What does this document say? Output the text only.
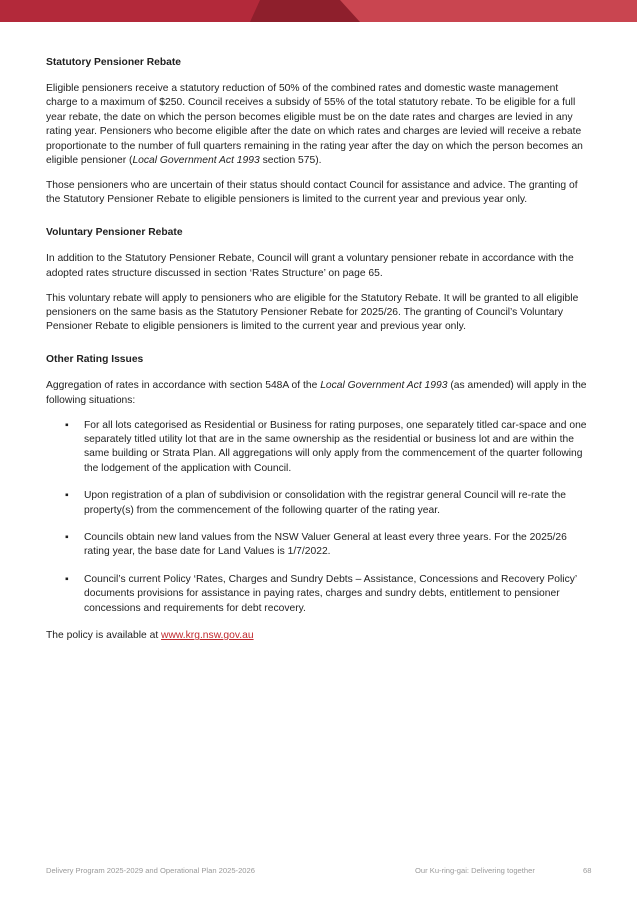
Statutory Pensioner Rebate

Eligible pensioners receive a statutory reduction of 50% of the combined rates and domestic waste management charge to a maximum of $250. Council receives a subsidy of 55% of the total statutory rebate. To be eligible for a full year rebate, the date on which the person becomes eligible must be on the date rates and charges are levied in any rating year. Pensioners who become eligible after the date on which rates and charges are levied will receive a rebate proportionate to the number of full quarters remaining in the rating year after the day on which the person becomes an eligible pensioner (Local Government Act 1993 section 575).

Those pensioners who are uncertain of their status should contact Council for assistance and advice. The granting of the Statutory Pensioner Rebate to eligible pensioners is limited to the current year and previous year only.

Voluntary Pensioner Rebate

In addition to the Statutory Pensioner Rebate, Council will grant a voluntary pensioner rebate in accordance with the adopted rates structure discussed in section ‘Rates Structure’ on page 65.

This voluntary rebate will apply to pensioners who are eligible for the Statutory Rebate. It will be granted to all eligible pensioners on the same basis as the Statutory Pensioner Rebate for 2025/26. The granting of Council’s Voluntary Pensioner Rebate to eligible pensioners is limited to the current year and previous year only.

Other Rating Issues

Aggregation of rates in accordance with section 548A of the Local Government Act 1993 (as amended) will apply in the following situations:

▪ For all lots categorised as Residential or Business for rating purposes, one separately titled car-space and one separately titled utility lot that are in the same ownership as the residential or business lot and are within the same building or Strata Plan. All aggregations will only apply from the commencement of the quarter following the lodgement of the application with Council.
▪ Upon registration of a plan of subdivision or consolidation with the registrar general Council will re-rate the property(s) from the commencement of the following quarter of the rating year.
▪ Councils obtain new land values from the NSW Valuer General at least every three years. For the 2025/26 rating year, the base date for Land Values is 1/7/2022.
▪ Council’s current Policy ‘Rates, Charges and Sundry Debts – Assistance, Concessions and Recovery Policy’ documents provisions for assistance in paying rates, charges and sundry debts, entitlement to pensioner concessions and requirements for debt recovery.

The policy is available at www.krg.nsw.gov.au

Delivery Program 2025-2029 and Operational Plan 2025-2026	Our Ku-ring-gai: Delivering together	68
